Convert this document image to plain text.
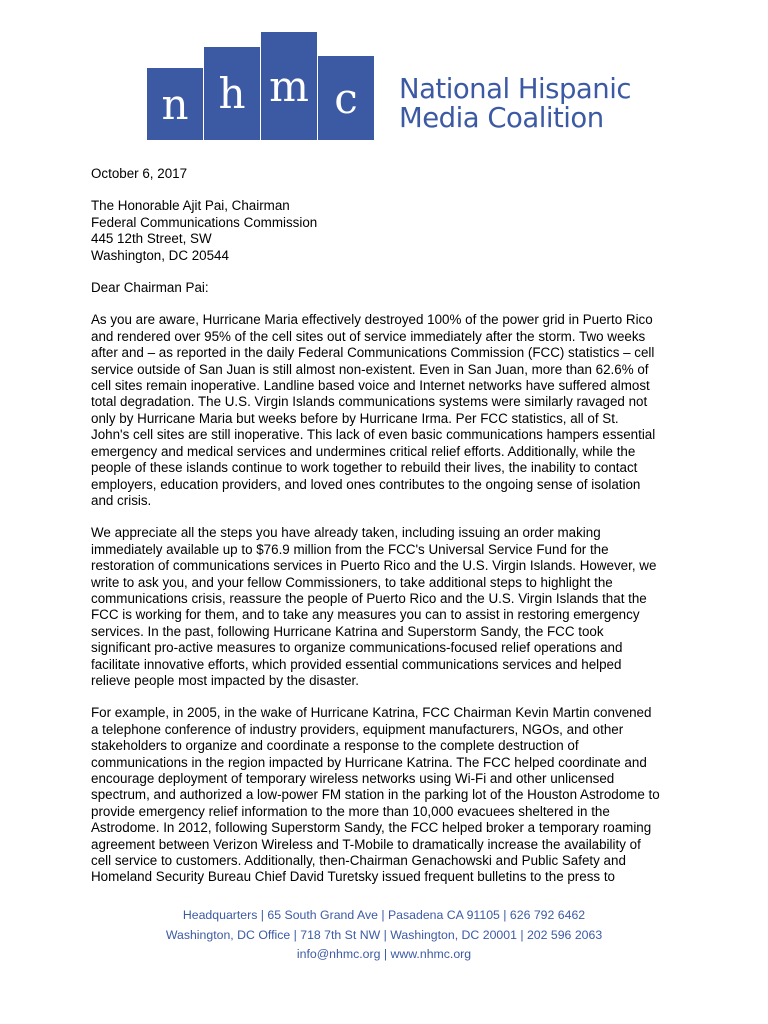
n h m c	National Hispanic
Media Coalition

October 6, 2017

The Honorable Ajit Pai, Chairman

Federal Communications Commission

445 12th Street, SW

Washington, DC 20544

Dear Chairman Pai:

As you are aware, Hurricane Maria effectively destroyed 100% of the power grid in Puerto Rico

and rendered over 95% of the cell sites out of service immediately after the storm. Two weeks

after and – as reported in the daily Federal Communications Commission (FCC) statistics – cell

service outside of San Juan is still almost non-existent. Even in San Juan, more than 62.6% of

cell sites remain inoperative. Landline based voice and Internet networks have suffered almost

total degradation. The U.S. Virgin Islands communications systems were similarly ravaged not

only by Hurricane Maria but weeks before by Hurricane Irma. Per FCC statistics, all of St.

John's cell sites are still inoperative. This lack of even basic communications hampers essential

emergency and medical services and undermines critical relief efforts. Additionally, while the

people of these islands continue to work together to rebuild their lives, the inability to contact

employers, education providers, and loved ones contributes to the ongoing sense of isolation

and crisis.

We appreciate all the steps you have already taken, including issuing an order making

immediately available up to $76.9 million from the FCC's Universal Service Fund for the

restoration of communications services in Puerto Rico and the U.S. Virgin Islands. However, we

write to ask you, and your fellow Commissioners, to take additional steps to highlight the

communications crisis, reassure the people of Puerto Rico and the U.S. Virgin Islands that the

FCC is working for them, and to take any measures you can to assist in restoring emergency

services. In the past, following Hurricane Katrina and Superstorm Sandy, the FCC took

significant pro-active measures to organize communications-focused relief operations and

facilitate innovative efforts, which provided essential communications services and helped

relieve people most impacted by the disaster.

For example, in 2005, in the wake of Hurricane Katrina, FCC Chairman Kevin Martin convened

a telephone conference of industry providers, equipment manufacturers, NGOs, and other

stakeholders to organize and coordinate a response to the complete destruction of

communications in the region impacted by Hurricane Katrina. The FCC helped coordinate and

encourage deployment of temporary wireless networks using Wi-Fi and other unlicensed

spectrum, and authorized a low-power FM station in the parking lot of the Houston Astrodome to

provide emergency relief information to the more than 10,000 evacuees sheltered in the

Astrodome. In 2012, following Superstorm Sandy, the FCC helped broker a temporary roaming

agreement between Verizon Wireless and T-Mobile to dramatically increase the availability of

cell service to customers. Additionally, then-Chairman Genachowski and Public Safety and

Homeland Security Bureau Chief David Turetsky issued frequent bulletins to the press to

Headquarters | 65 South Grand Ave | Pasadena CA 91105 | 626 792 6462
Washington, DC Office | 718 7th St NW | Washington, DC 20001 | 202 596 2063
info@nhmc.org | www.nhmc.org
